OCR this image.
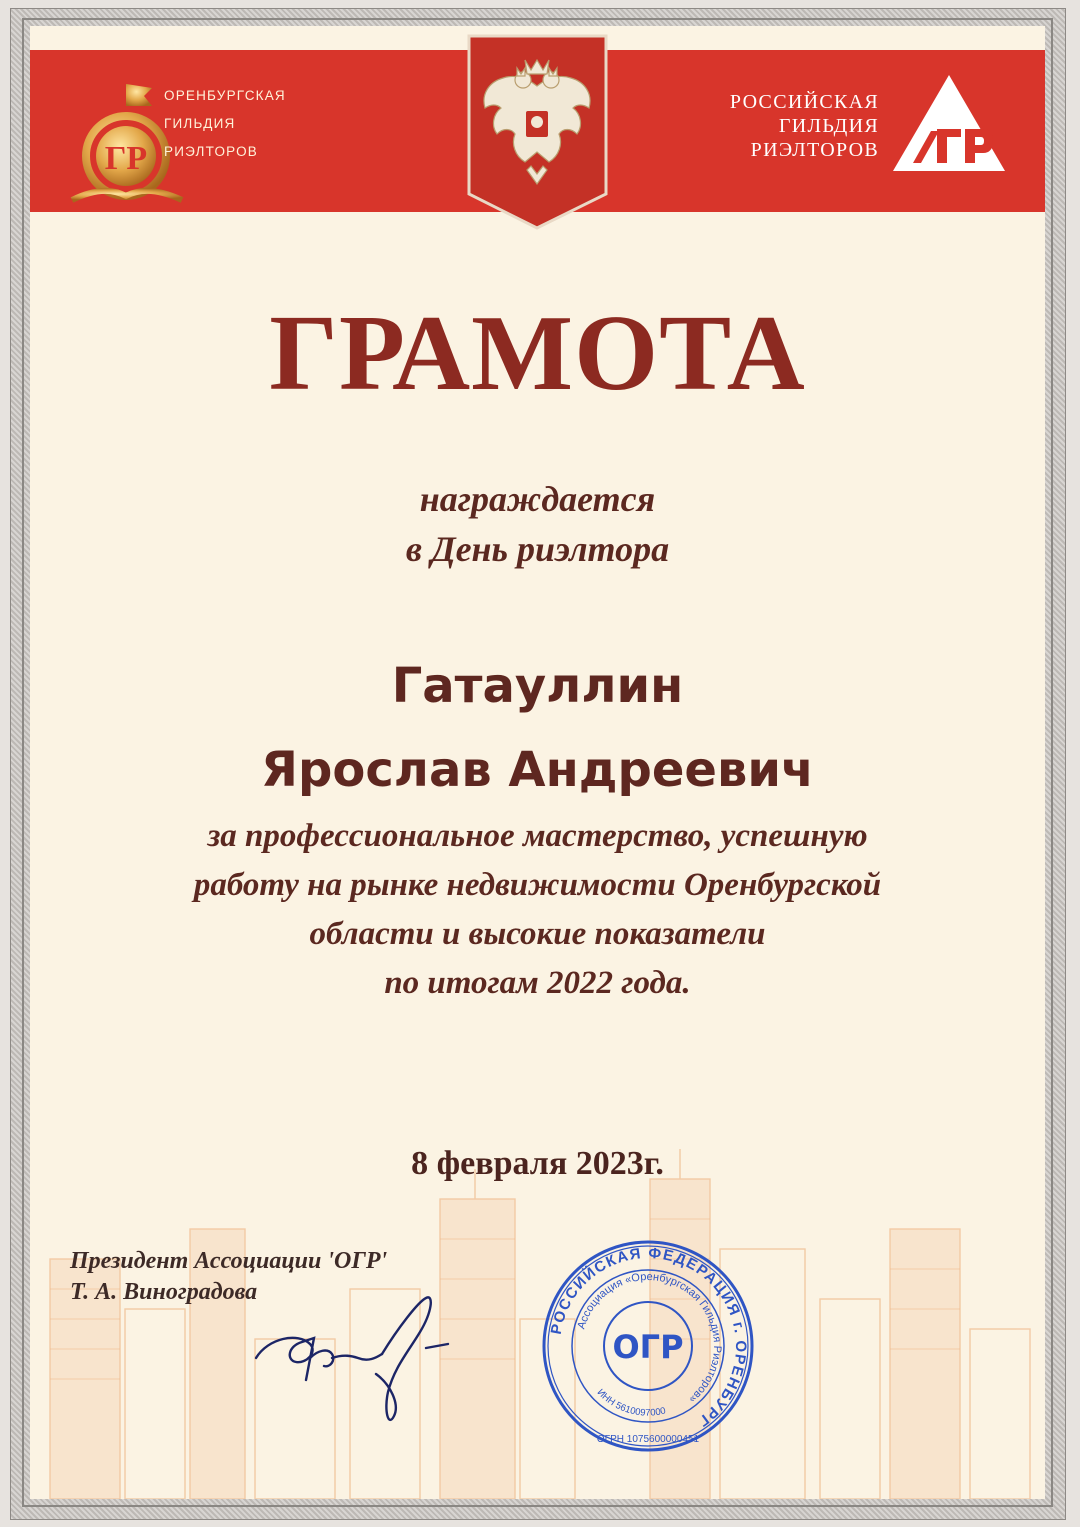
ГР
ОРЕНБУРГСКАЯ
ГИЛЬДИЯ
РИЭЛТОРОВ
РОССИЙСКАЯ
ГИЛЬДИЯ
РИЭЛТОРОВ
ГРАМОТА
награждается
в День риэлтора
Гатауллин
Ярослав Андреевич
за профессиональное мастерство, успешную
работу на рынке недвижимости Оренбургской
области и высокие показатели
по итогам 2022 года.
8 февраля 2023г.
Президент Ассоциации 'ОГР'
Т. А. Виноградова
РОССИЙСКАЯ ФЕДЕРАЦИЯ г. ОРЕНБУРГ
Ассоциация «Оренбургская Гильдия Риэлторов»
ОГР
ИНН 5610097000
ОГРН 1075600000451
